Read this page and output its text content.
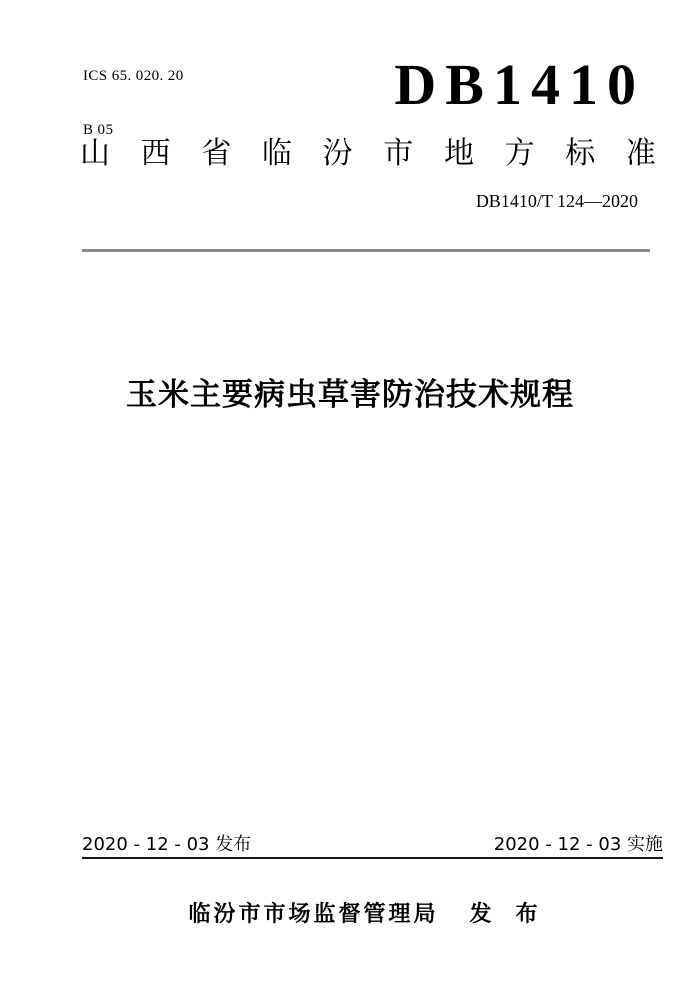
ICS 65. 020. 20

B 05

DB1410
山 西 省 临 汾 市 地 方 标 准
DB1410/T 124—2020
玉米主要病虫草害防治技术规程
2020 - 12 - 03 发布	2020 - 12 - 03 实施
临汾市市场监督管理局 发布
